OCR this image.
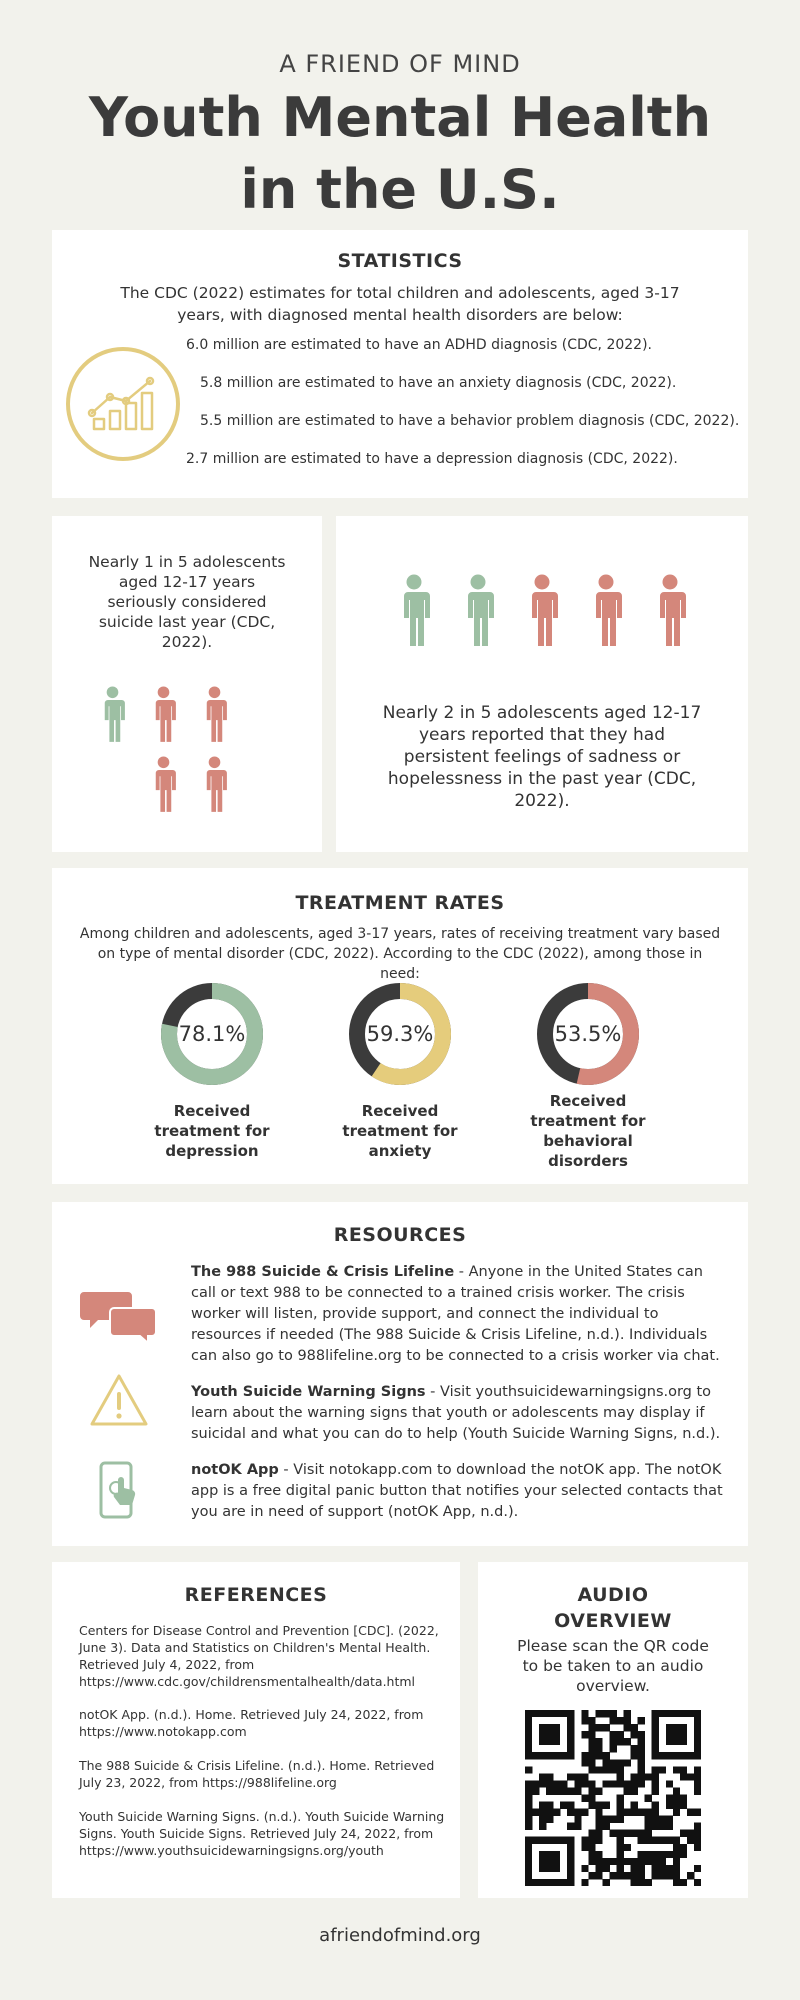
A FRIEND OF MIND
Youth Mental Health
in the U.S.
STATISTICS
The CDC (2022) estimates for total children and adolescents, aged 3-17 years, with diagnosed mental health disorders are below:
6.0 million are estimated to have an ADHD diagnosis (CDC, 2022).
5.8 million are estimated to have an anxiety diagnosis (CDC, 2022).
5.5 million are estimated to have a behavior problem diagnosis (CDC, 2022).
2.7 million are estimated to have a depression diagnosis (CDC, 2022).
Nearly 1 in 5 adolescents aged 12-17 years seriously considered suicide last year (CDC, 2022).
Nearly 2 in 5 adolescents aged 12-17 years reported that they had persistent feelings of sadness or hopelessness in the past year (CDC, 2022).
TREATMENT RATES
Among children and adolescents, aged 3-17 years, rates of receiving treatment vary based on type of mental disorder (CDC, 2022). According to the CDC (2022), among those in need:
78.1%
Received treatment for depression
59.3%
Received treatment for anxiety
53.5%
Received treatment for behavioral disorders
RESOURCES
The 988 Suicide & Crisis Lifeline - Anyone in the United States can call or text 988 to be connected to a trained crisis worker. The crisis worker will listen, provide support, and connect the individual to resources if needed (The 988 Suicide & Crisis Lifeline, n.d.). Individuals can also go to 988lifeline.org to be connected to a crisis worker via chat.
Youth Suicide Warning Signs - Visit youthsuicidewarningsigns.org to learn about the warning signs that youth or adolescents may display if suicidal and what you can do to help (Youth Suicide Warning Signs, n.d.).
notOK App - Visit notokapp.com to download the notOK app. The notOK app is a free digital panic button that notifies your selected contacts that you are in need of support (notOK App, n.d.).
REFERENCES
Centers for Disease Control and Prevention [CDC]. (2022, June 3). Data and Statistics on Children's Mental Health. Retrieved July 4, 2022, from https://www.cdc.gov/childrensmentalhealth/data.html
notOK App. (n.d.). Home. Retrieved July 24, 2022, from https://www.notokapp.com
The 988 Suicide & Crisis Lifeline. (n.d.). Home. Retrieved July 23, 2022, from https://988lifeline.org
Youth Suicide Warning Signs. (n.d.). Youth Suicide Warning Signs. Youth Suicide Signs. Retrieved July 24, 2022, from https://www.youthsuicidewarningsigns.org/youth
AUDIO
OVERVIEW
Please scan the QR code to be taken to an audio overview.
afriendofmind.org
